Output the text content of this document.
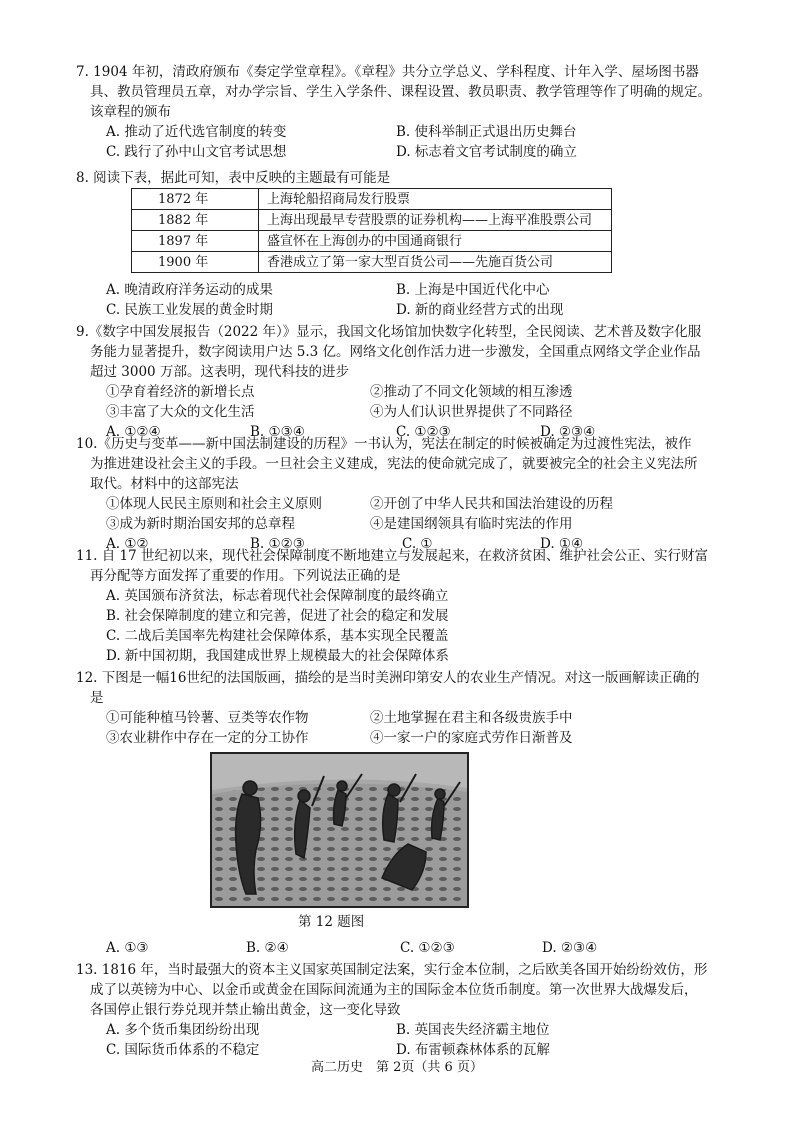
7. 1904 年初，清政府颁布《奏定学堂章程》。《章程》共分立学总义、学科程度、计年入学、屋场图书器
具、教员管理员五章，对办学宗旨、学生入学条件、课程设置、教员职责、教学管理等作了明确的规定。
该章程的颁布
A. 推动了近代选官制度的转变	B. 使科举制正式退出历史舞台
C. 践行了孙中山文官考试思想	D. 标志着文官考试制度的确立
8. 阅读下表，据此可知，表中反映的主题最有可能是
1872 年	上海轮船招商局发行股票
1882 年	上海出现最早专营股票的证券机构——上海平准股票公司
1897 年	盛宣怀在上海创办的中国通商银行
1900 年	香港成立了第一家大型百货公司——先施百货公司
A. 晚清政府洋务运动的成果	B. 上海是中国近代化中心
C. 民族工业发展的黄金时期	D. 新的商业经营方式的出现
9.《数字中国发展报告（2022 年）》显示，我国文化场馆加快数字化转型，全民阅读、艺术普及数字化服
务能力显著提升，数字阅读用户达 5.3 亿。网络文化创作活力进一步激发，全国重点网络文学企业作品
超过 3000 万部。这表明，现代科技的进步
①孕育着经济的新增长点	②推动了不同文化领域的相互渗透
③丰富了大众的文化生活	④为人们认识世界提供了不同路径
A. ①②④	B. ①③④	C. ①②③	D. ②③④
10.《历史与变革——新中国法制建设的历程》一书认为，宪法在制定的时候被确定为过渡性宪法，被作
为推进建设社会主义的手段。一旦社会主义建成，宪法的使命就完成了，就要被完全的社会主义宪法所
取代。材料中的这部宪法
①体现人民民主原则和社会主义原则	②开创了中华人民共和国法治建设的历程
③成为新时期治国安邦的总章程	④是建国纲领具有临时宪法的作用
A. ①②	B. ①②③	C. ①	D. ①④
11. 自 17 世纪初以来，现代社会保障制度不断地建立与发展起来，在救济贫困、维护社会公正、实行财富
再分配等方面发挥了重要的作用。下列说法正确的是
A. 英国颁布济贫法，标志着现代社会保障制度的最终确立
B. 社会保障制度的建立和完善，促进了社会的稳定和发展
C. 二战后美国率先构建社会保障体系，基本实现全民覆盖
D. 新中国初期，我国建成世界上规模最大的社会保障体系
12. 下图是一幅16世纪的法国版画，描绘的是当时美洲印第安人的农业生产情况。对这一版画解读正确的
是
①可能种植马铃薯、豆类等农作物	②土地掌握在君主和各级贵族手中
③农业耕作中存在一定的分工协作	④一家一户的家庭式劳作日渐普及
第 12 题图
A. ①③	B. ②④	C. ①②③	D. ②③④
13. 1816 年，当时最强大的资本主义国家英国制定法案，实行金本位制，之后欧美各国开始纷纷效仿，形
成了以英镑为中心、以金币或黄金在国际间流通为主的国际金本位货币制度。第一次世界大战爆发后，
各国停止银行券兑现并禁止输出黄金，这一变化导致
A. 多个货币集团纷纷出现	B. 英国丧失经济霸主地位
C. 国际货币体系的不稳定	D. 布雷顿森林体系的瓦解
高二历史　第 2页（共 6 页）
